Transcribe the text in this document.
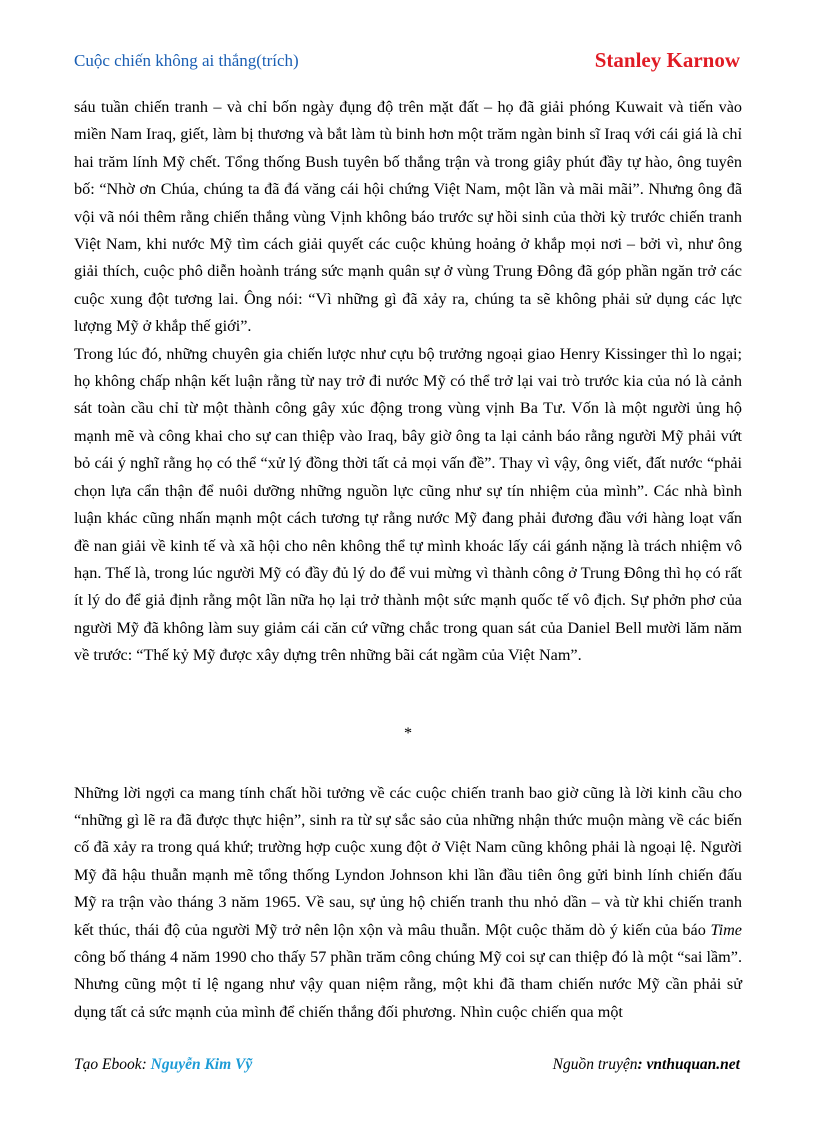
Cuộc chiến không ai thắng(trích)	Stanley Karnow

sáu tuần chiến tranh – và chỉ bốn ngày đụng độ trên mặt đất – họ đã giải phóng Kuwait và tiến vào miền Nam Iraq, giết, làm bị thương và bắt làm tù binh hơn một trăm ngàn binh sĩ Iraq với cái giá là chỉ hai trăm lính Mỹ chết. Tổng thống Bush tuyên bố thắng trận và trong giây phút đầy tự hào, ông tuyên bố: “Nhờ ơn Chúa, chúng ta đã đá văng cái hội chứng Việt Nam, một lần và mãi mãi”. Nhưng ông đã vội vã nói thêm rằng chiến thắng vùng Vịnh không báo trước sự hồi sinh của thời kỳ trước chiến tranh Việt Nam, khi nước Mỹ tìm cách giải quyết các cuộc khủng hoảng ở khắp mọi nơi – bởi vì, như ông giải thích, cuộc phô diễn hoành tráng sức mạnh quân sự ở vùng Trung Đông đã góp phần ngăn trở các cuộc xung đột tương lai. Ông nói: “Vì những gì đã xảy ra, chúng ta sẽ không phải sử dụng các lực lượng Mỹ ở khắp thế giới”.

Trong lúc đó, những chuyên gia chiến lược như cựu bộ trưởng ngoại giao Henry Kissinger thì lo ngại; họ không chấp nhận kết luận rằng từ nay trở đi nước Mỹ có thể trở lại vai trò trước kia của nó là cảnh sát toàn cầu chỉ từ một thành công gây xúc động trong vùng vịnh Ba Tư. Vốn là một người ủng hộ mạnh mẽ và công khai cho sự can thiệp vào Iraq, bây giờ ông ta lại cảnh báo rằng người Mỹ phải vứt bỏ cái ý nghĩ rằng họ có thể “xử lý đồng thời tất cả mọi vấn đề”. Thay vì vậy, ông viết, đất nước “phải chọn lựa cẩn thận để nuôi dưỡng những nguồn lực cũng như sự tín nhiệm của mình”. Các nhà bình luận khác cũng nhấn mạnh một cách tương tự rằng nước Mỹ đang phải đương đầu với hàng loạt vấn đề nan giải về kinh tế và xã hội cho nên không thể tự mình khoác lấy cái gánh nặng là trách nhiệm vô hạn. Thế là, trong lúc người Mỹ có đầy đủ lý do để vui mừng vì thành công ở Trung Đông thì họ có rất ít lý do để giả định rằng một lần nữa họ lại trở thành một sức mạnh quốc tế vô địch. Sự phởn phơ của người Mỹ đã không làm suy giảm cái căn cứ vững chắc trong quan sát của Daniel Bell mười lăm năm về trước: “Thế kỷ Mỹ được xây dựng trên những bãi cát ngầm của Việt Nam”.

*

Những lời ngợi ca mang tính chất hồi tưởng về các cuộc chiến tranh bao giờ cũng là lời kinh cầu cho “những gì lẽ ra đã được thực hiện”, sinh ra từ sự sắc sảo của những nhận thức muộn màng về các biến cố đã xảy ra trong quá khứ; trường hợp cuộc xung đột ở Việt Nam cũng không phải là ngoại lệ. Người Mỹ đã hậu thuẫn mạnh mẽ tổng thống Lyndon Johnson khi lần đầu tiên ông gửi binh lính chiến đấu Mỹ ra trận vào tháng 3 năm 1965. Về sau, sự ủng hộ chiến tranh thu nhỏ dần – và từ khi chiến tranh kết thúc, thái độ của người Mỹ trở nên lộn xộn và mâu thuẫn. Một cuộc thăm dò ý kiến của báo Time công bố tháng 4 năm 1990 cho thấy 57 phần trăm công chúng Mỹ coi sự can thiệp đó là một “sai lầm”. Nhưng cũng một tỉ lệ ngang như vậy quan niệm rằng, một khi đã tham chiến nước Mỹ cần phải sử dụng tất cả sức mạnh của mình để chiến thắng đối phương. Nhìn cuộc chiến qua một

Tạo Ebook: Nguyễn Kim Vỹ	Nguồn truyện: vnthuquan.net
